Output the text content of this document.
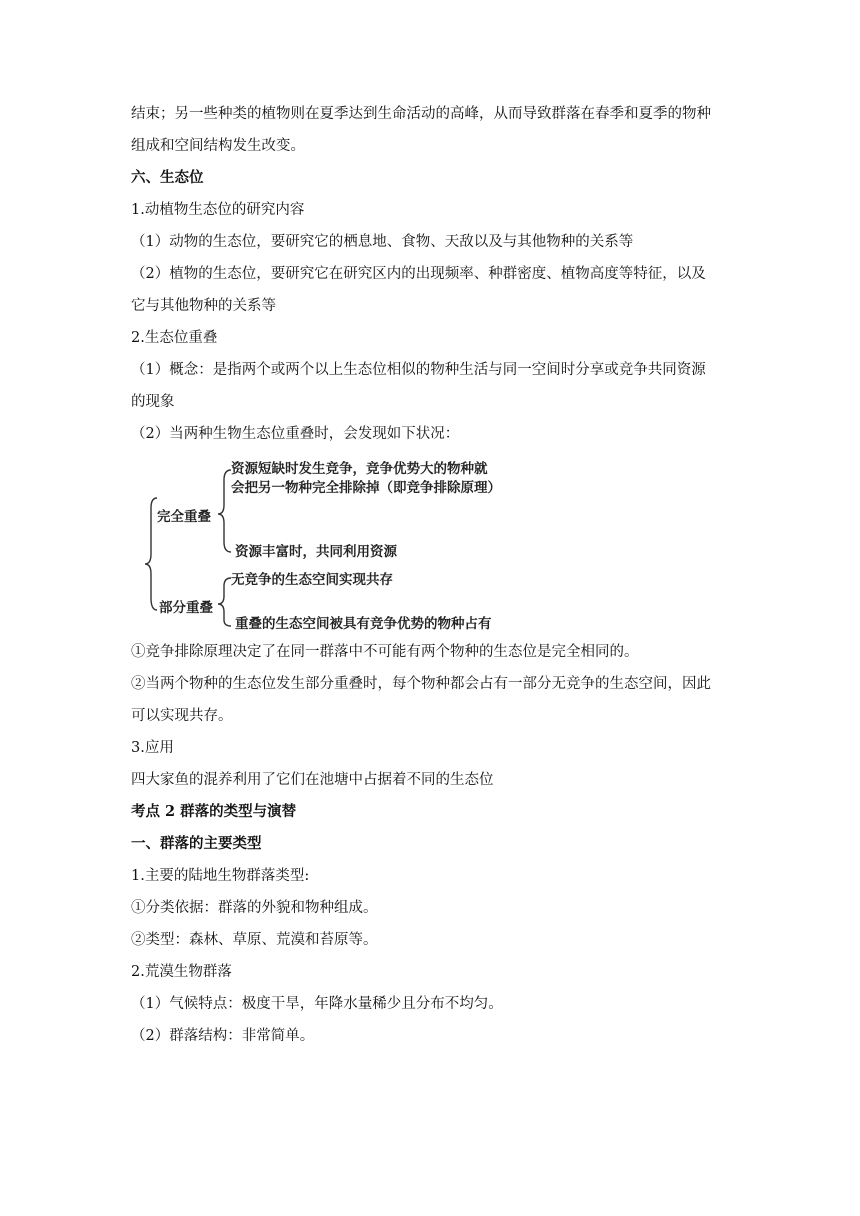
结束；另一些种类的植物则在夏季达到生命活动的高峰，从而导致群落在春季和夏季的物种

组成和空间结构发生改变。

六、生态位

1.动植物生态位的研究内容

（1）动物的生态位，要研究它的栖息地、食物、天敌以及与其他物种的关系等

（2）植物的生态位，要研究它在研究区内的出现频率、种群密度、植物高度等特征，以及

它与其他物种的关系等

2.生态位重叠

（1）概念：是指两个或两个以上生态位相似的物种生活与同一空间时分享或竞争共同资源

的现象

（2）当两种生物生态位重叠时，会发现如下状况：

完全重叠
部分重叠
资源短缺时发生竞争，竞争优势大的物种就
会把另一物种完全排除掉（即竞争排除原理）
资源丰富时，共同利用资源
无竞争的生态空间实现共存
重叠的生态空间被具有竞争优势的物种占有

①竞争排除原理决定了在同一群落中不可能有两个物种的生态位是完全相同的。

②当两个物种的生态位发生部分重叠时，每个物种都会占有一部分无竞争的生态空间，因此

可以实现共存。

3.应用

四大家鱼的混养利用了它们在池塘中占据着不同的生态位

考点 2 群落的类型与演替

一、群落的主要类型

1.主要的陆地生物群落类型:

①分类依据：群落的外貌和物种组成。

②类型：森林、草原、荒漠和苔原等。

2.荒漠生物群落

（1）气候特点：极度干旱，年降水量稀少且分布不均匀。

（2）群落结构：非常简单。
